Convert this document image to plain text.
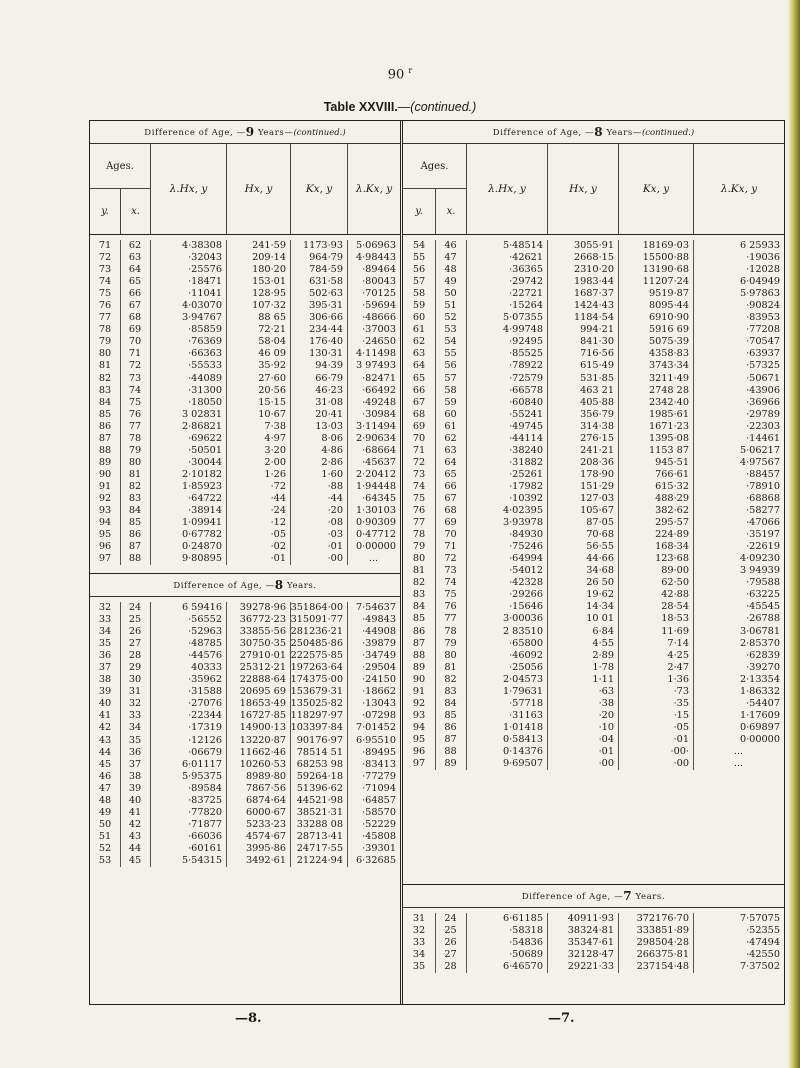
90 $^r$
Table XXVIII.—(continued.)
Difference of Age, —9 Years—(continued.)
Ages.
y.	x.
λ.Hx, y	Hx, y	Kx, y	λ.Kx, y
71	62	4·38308	241·59	1173·93	5·06963
72	63	·32043	209·14	964·79	4·98443
73	64	·25576	180·20	784·59	·89464
74	65	·18471	153·01	631·58	·80043
75	66	·11041	128·95	502·63	·70125
76	67	4·03070	107·32	395·31	·59694
77	68	3·94767	88 65	306·66	·48666
78	69	·85859	72·21	234·44	·37003
79	70	·76369	58·04	176·40	·24650
80	71	·66363	46 09	130·31	4·11498
81	72	·55533	35·92	94·39	3 97493
82	73	·44089	27·60	66·79	·82471
83	74	·31300	20·56	46·23	·66492
84	75	·18050	15·15	31·08	·49248
85	76	3 02831	10·67	20·41	·30984
86	77	2·86821	7·38	13·03	3·11494
87	78	·69622	4·97	8·06	2·90634
88	79	·50501	3·20	4·86	·68664
89	80	·30044	2·00	2·86	·45637
90	81	2·10182	1·26	1·60	2·20412
91	82	1·85923	·72	·88	1·94448
92	83	·64722	·44	·44	·64345
93	84	·38914	·24	·20	1·30103
94	85	1·09941	·12	·08	0·90309
95	86	0·67782	·05	·03	0·47712
96	87	0·24870	·02	·01	0·00000
97	88	9·80895	·01	·00	...
Difference of Age, —8 Years—(continued.)
Ages.
y.	x.
λ.Hx, y	Hx, y	Kx, y	λ.Kx, y
54	46	5·48514	3055·91	18169·03	6 25933
55	47	·42621	2668·15	15500·88	·19036
56	48	·36365	2310·20	13190·68	·12028
57	49	·29742	1983·44	11207·24	6·04949
58	50	·22721	1687·37	9519·87	5·97863
59	51	·15264	1424·43	8095·44	·90824
60	52	5·07355	1184·54	6910·90	·83953
61	53	4·99748	994·21	5916 69	·77208
62	54	·92495	841·30	5075·39	·70547
63	55	·85525	716·56	4358·83	·63937
64	56	·78922	615·49	3743·34	·57325
65	57	·72579	531·85	3211·49	·50671
66	58	·66578	463 21	2748 28	·43906
67	59	·60840	405·88	2342·40	·36966
68	60	·55241	356·79	1985·61	·29789
69	61	·49745	314·38	1671·23	·22303
70	62	·44114	276·15	1395·08	·14461
71	63	·38240	241·21	1153 87	5·06217
72	64	·31882	208·36	945·51	4·97567
73	65	·25261	178·90	766·61	·88457
74	66	·17982	151·29	615·32	·78910
75	67	·10392	127·03	488·29	·68868
76	68	4·02395	105·67	382·62	·58277
77	69	3·93978	87·05	295·57	·47066
78	70	·84930	70·68	224·89	·35197
79	71	·75246	56·55	168·34	·22619
80	72	·64994	44·66	123·68	4·09230
81	73	·54012	34·68	89·00	3 94939
82	74	·42328	26 50	62·50	·79588
83	75	·29266	19·62	42·88	·63225
84	76	·15646	14·34	28·54	·45545
85	77	3·00036	10 01	18·53	·26788
86	78	2 83510	6·84	11·69	3·06781
87	79	·65800	4·55	7·14	2·85370
88	80	·46092	2·89	4·25	·62839
89	81	·25056	1·78	2·47	·39270
90	82	2·04573	1·11	1·36	2·13354
91	83	1·79631	·63	·73	1·86332
92	84	·57718	·38	·35	·54407
93	85	·31163	·20	·15	1·17609
94	86	1·01418	·10	·05	0·69897
95	87	0·58413	·04	·01	0·00000
96	88	0·14376	·01	·00·	...
97	89	9·69507	·00	·00	...
Difference of Age, —8 Years.
32	24	6 59416	39278·96 351864·00	7·54637
33	25	·56552	36772·23 315091·77	·49843
34	26	·52963	33855·56 281236·21	·44908
35	27	·48785	30750·35 250485·86	·39879
36	28	·44576	27910·01 222575·85	·34749
37	29	40333	25312·21 197263·64	·29504
38	30	·35962	22888·64 174375·00	·24150
39	31	·31588	20695 69 153679·31	·18662
40	32	·27076	18653·49 135025·82	·13043
41	33	·22344	16727·85 118297·97	·07298
42	34	·17319	14900·13 103397·84	7·01452
43	35	·12126	13220·87	90176·97	6·95510
44	36	·06679	11662·46	78514 51	·89495
45	37	6·01117	10260·53	68253 98	·83413
46	38	5·95375	8989·80	59264·18	·77279
47	39	·89584	7867·56	51396·62	·71094
48	40	·83725	6874·64	44521·98	·64857
49	41	·77820	6000·67	38521·31	·58570
50	42	·71877	5233·23	33288 08	·52229
51	43	·66036	4574·67	28713·41	·45808
52	44	·60161	3995·86	24717·55	·39301
53	45	5·54315	3492·61	21224·94	6·32685
Difference of Age, —7 Years.
31	24	6·61185	40911·93	372176·70	7·57075
32	25	·58318	38324·81	333851·89	·52355
33	26	·54836	35347·61	298504·28	·47494
34	27	·50689	32128·47	266375·81	·42550
35	28	6·46570	29221·33	237154·48	7·37502
—8.	—7.
